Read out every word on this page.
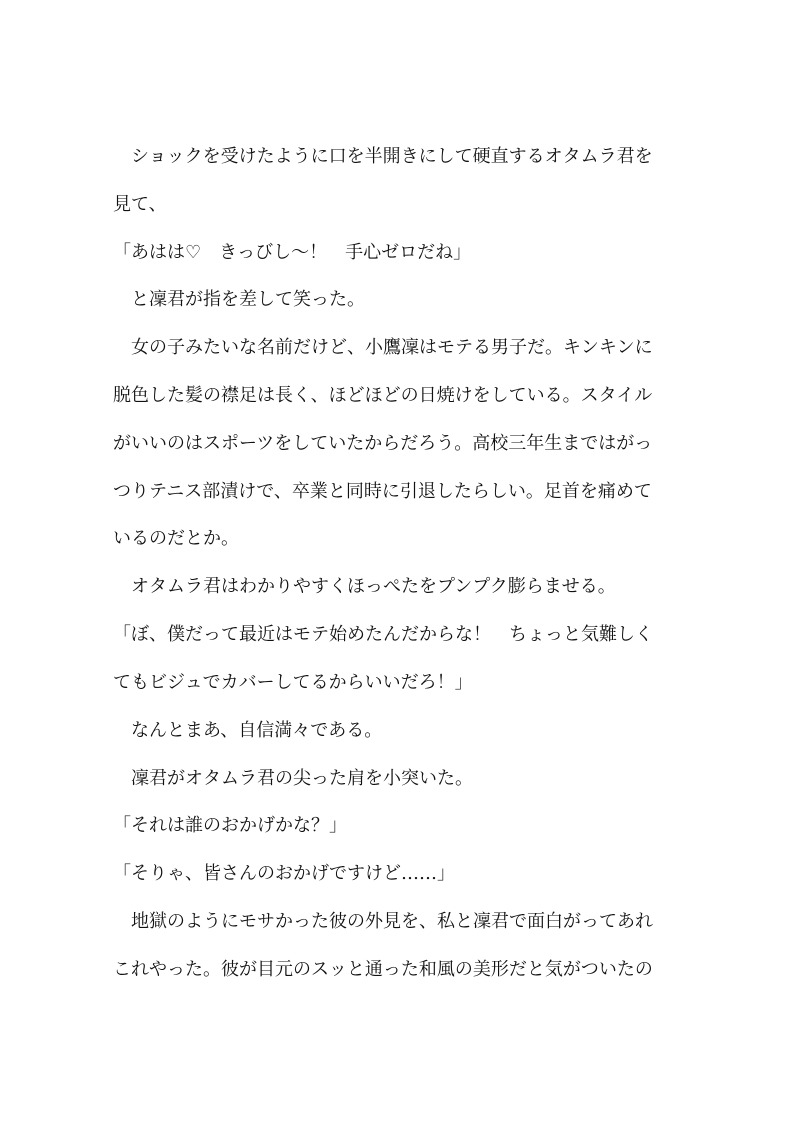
　ショックを受けたように口を半開きにして硬直するオタムラ君を
見て、
「あはは♡　きっびし～！　手心ゼロだね」
　と凜君が指を差して笑った。
　女の子みたいな名前だけど、小鷹凜はモテる男子だ。キンキンに
脱色した髪の襟足は長く、ほどほどの日焼けをしている。スタイル
がいいのはスポーツをしていたからだろう。高校三年生まではがっ
つりテニス部漬けで、卒業と同時に引退したらしい。足首を痛めて
いるのだとか。
　オタムラ君はわかりやすくほっぺたをプンプク膨らませる。
「ぼ、僕だって最近はモテ始めたんだからな！　ちょっと気難しく
てもビジュでカバーしてるからいいだろ！」
　なんとまあ、自信満々である。
　凜君がオタムラ君の尖った肩を小突いた。
「それは誰のおかげかな？」
「そりゃ、皆さんのおかげですけど……」
　地獄のようにモサかった彼の外見を、私と凜君で面白がってあれ
これやった。彼が目元のスッと通った和風の美形だと気がついたの
